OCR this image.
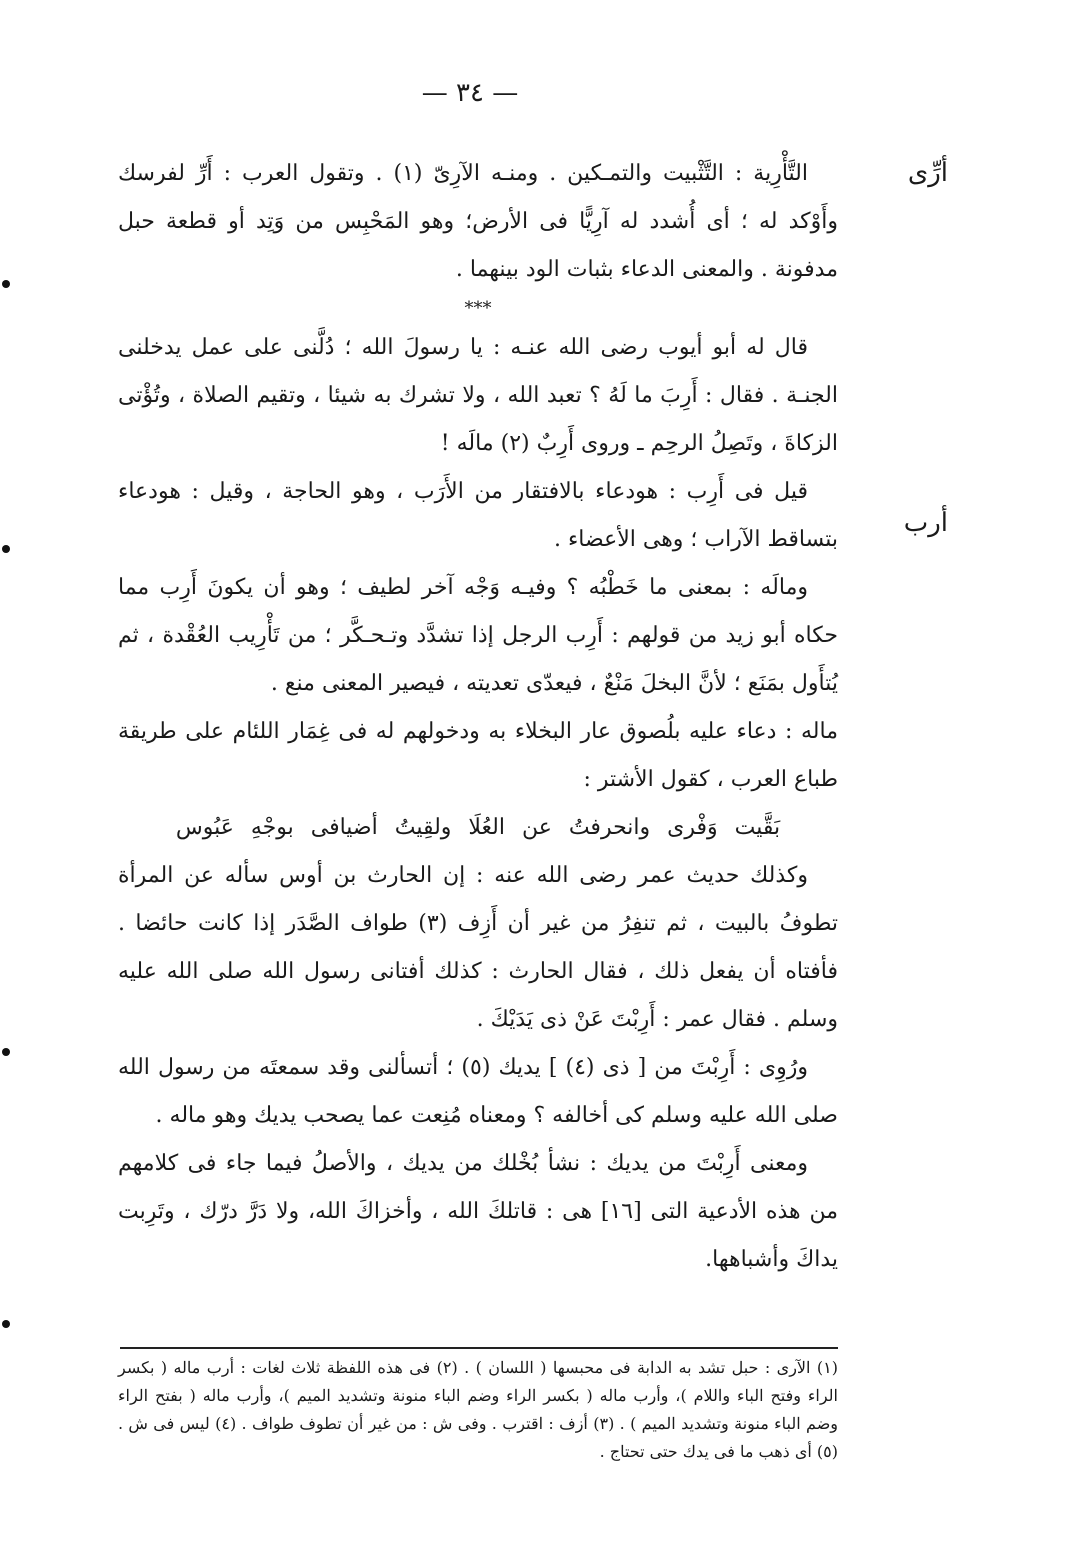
— ٣٤ —
أرِّى
أرب

التَّأْرِية : التَّثْبيت والتمـكين . ومنـه الآرِىّ (١) . وتقول العرب : أَرِّ لفرسك وأَوْكد له ؛ أى أُشدد له آرِيًّا فى الأرض؛ وهو المَحْبِس من وَتِد أو قطعة حبل مدفونة . والمعنى الدعاء بثبات الود بينهما .

***

قال له أبو أيوب رضى الله عنـه : يا رسولَ الله ؛ دُلَّنى على عمل يدخلنى الجنـة . فقال : أَرِبَ ما لَهُ ؟ تعبد الله ، ولا تشرك به شيئا ، وتقيم الصلاة ، وتُؤْتى الزكاةَ ، وتَصِلُ الرحِم ـ وروى أَرِبٌ (٢) مالَه !

قيل فى أَرِب : هودعاء بالافتقار من الأَرَب ، وهو الحاجة ، وقيل : هودعاء بتساقط الآراب ؛ وهى الأعضاء .

ومالَه : بمعنى ما خَطْبُه ؟ وفيـه وَجْه آخر لطيف ؛ وهو أن يكونَ أَرِب مما حكاه أبو زيد من قولهم : أَرِب الرجل إذا تشدَّد وتـحـكَّر ؛ من تَأْرِيب العُقْدة ، ثم يُتأَول بمَنَع ؛ لأنَّ البخلَ مَنْعٌ ، فيعدّى تعديته ، فيصير المعنى منع .

ماله : دعاء عليه بلُصوق عار البخلاء به ودخولهم له فى غِمَار اللئام على طريقة طباع العرب ، كقول الأشتر :

بَقَّيت وَفْرى وانحرفتُ عن العُلَا ولقِيتُ أضيافى بوجْهِ عَبُوس

وكذلك حديث عمر رضى الله عنه : إن الحارث بن أوس سأله عن المرأة تطوفُ بالبيت ، ثم تنفِرُ من غير أن أَزِف (٣) طواف الصَّدَر إذا كانت حائضا . فأفتاه أن يفعل ذلك ، فقال الحارث : كذلك أفتانى رسول الله صلى الله عليه وسلم . فقال عمر : أَرِبْتَ عَنْ ذى يَدَيْكَ .

ورُوِى : أَرِبْتَ من [ ذى (٤) ] يديك (٥) ؛ أتسألنى وقد سمعتَه من رسول الله صلى الله عليه وسلم كى أخالفه ؟ ومعناه مُنِعت عما يصحب يديك وهو ماله .

ومعنى أَرِبْتَ من يديك : نشأ بُخْلك من يديك ، والأصلُ فيما جاء فى كلامهم من هذه الأدعية التى [١٦] هى : قاتلكَ الله ، وأخزاكَ الله، ولا دَرَّ درّك ، وتَرِبت يداكَ وأشباهها.

(١) الآرى : حبل تشد به الدابة فى محبسها ( اللسان ) . (٢) فى هذه اللفظة ثلاث لغات : أرب ماله ( بكسر الراء وفتح الباء واللام )، وأرب ماله ( بكسر الراء وضم الباء منونة وتشديد الميم )، وأرب ماله ( بفتح الراء وضم الباء منونة وتشديد الميم ) . (٣) أزف : اقترب . وفى ش : من غير أن تطوف طواف . (٤) ليس فى ش . (٥) أى ذهب ما فى يدك حتى تحتاج .
